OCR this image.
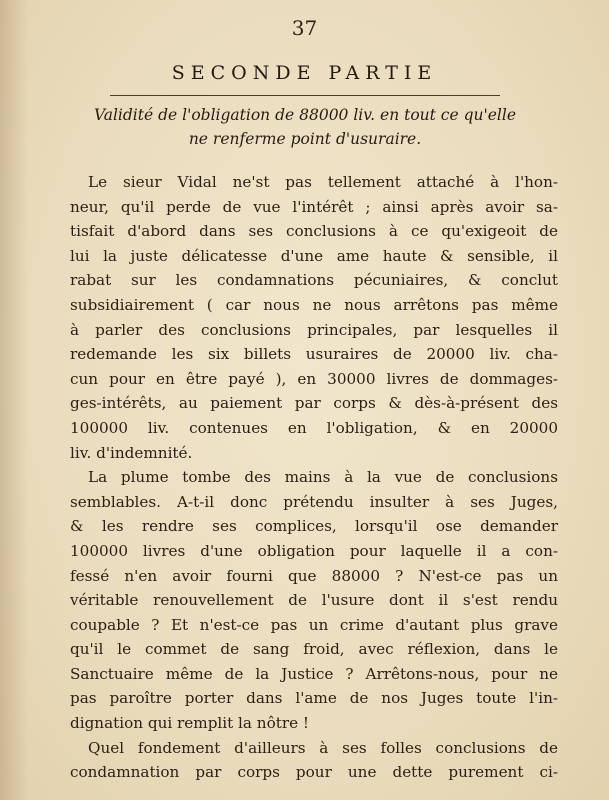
37
SECONDE PARTIE
Validité de l'obligation de 88000 liv. en tout ce qu'elle
ne renferme point d'usuraire.
Le sieur Vidal ne'st pas tellement attaché à l'hon-
neur, qu'il perde de vue l'intérêt ; ainsi après avoir sa-
tisfait d'abord dans ses conclusions à ce qu'exigeoit de
lui la juste délicatesse d'une ame haute & sensible, il
rabat sur les condamnations pécuniaires, & conclut
subsidiairement ( car nous ne nous arrêtons pas même
à parler des conclusions principales, par lesquelles il
redemande les six billets usuraires de 20000 liv. cha-
cun pour en être payé ), en 30000 livres de dommages-
ges-intérêts, au paiement par corps & dès-à-présent des
100000 liv. contenues en l'obligation, & en 20000
liv. d'indemnité.
La plume tombe des mains à la vue de conclusions
semblables. A-t-il donc prétendu insulter à ses Juges,
& les rendre ses complices, lorsqu'il ose demander
100000 livres d'une obligation pour laquelle il a con-
fessé n'en avoir fourni que 88000 ? N'est-ce pas un
véritable renouvellement de l'usure dont il s'est rendu
coupable ? Et n'est-ce pas un crime d'autant plus grave
qu'il le commet de sang froid, avec réflexion, dans le
Sanctuaire même de la Justice ? Arrêtons-nous, pour ne
pas paroître porter dans l'ame de nos Juges toute l'in-
dignation qui remplit la nôtre !
Quel fondement d'ailleurs à ses folles conclusions de
condamnation par corps pour une dette purement ci-
